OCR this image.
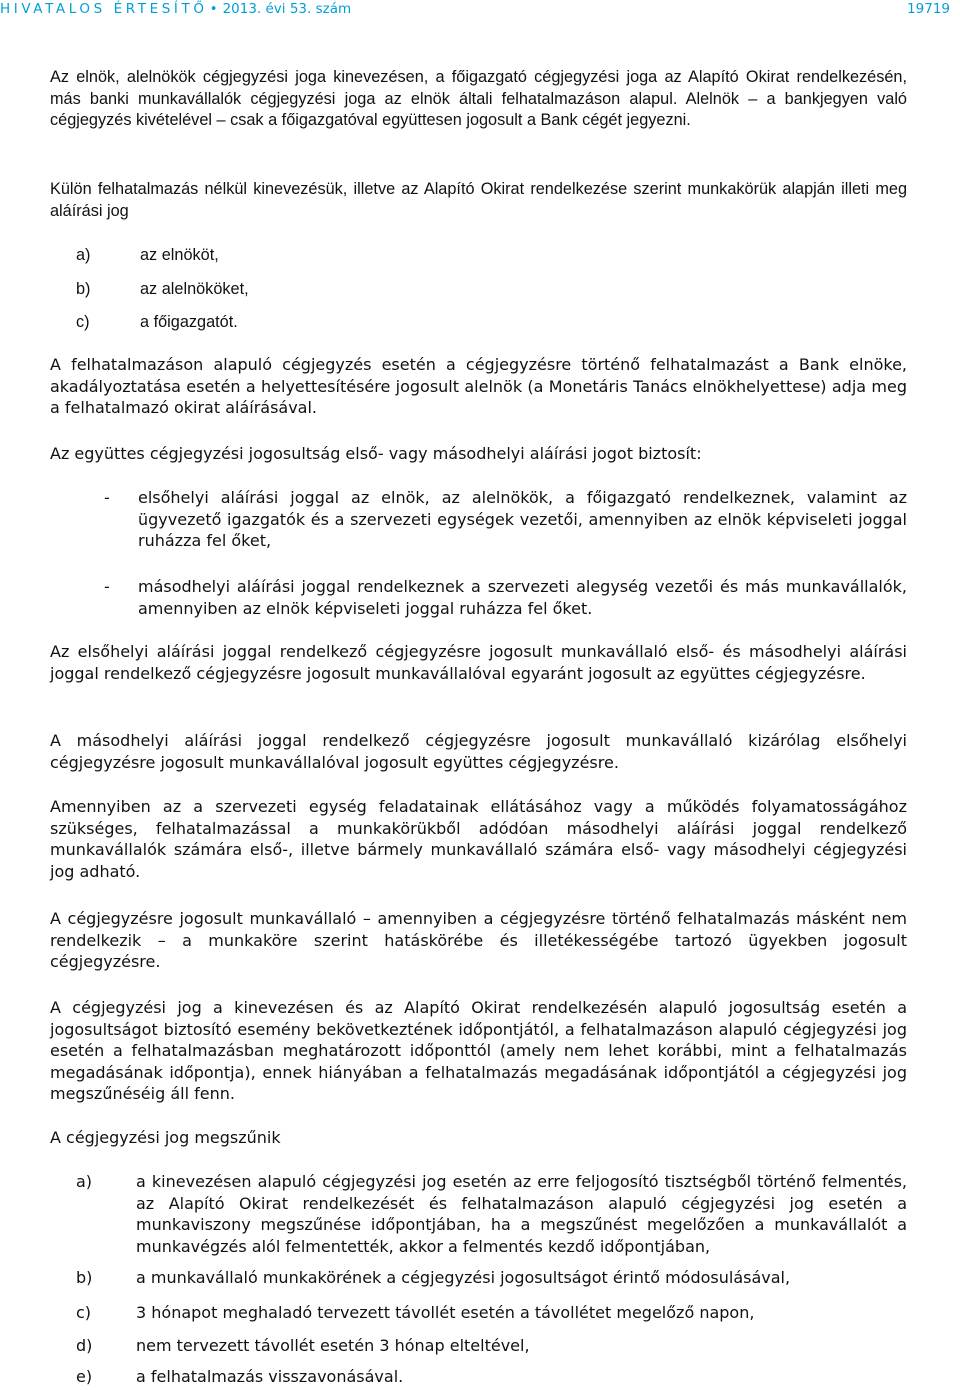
HIVATALOS ÉRTESÍTŐ • 2013. évi 53. szám	19719

Az elnök, alelnökök cégjegyzési joga kinevezésen, a főigazgató cégjegyzési joga az Alapító Okirat rendelkezésén, más banki munkavállalók cégjegyzési joga az elnök általi felhatalmazáson alapul. Alelnök – a bankjegyen való cégjegyzés kivételével – csak a főigazgatóval együttesen jogosult a Bank cégét jegyezni.

Külön felhatalmazás nélkül kinevezésük, illetve az Alapító Okirat rendelkezése szerint munkakörük alapján illeti meg aláírási jog

a)	az elnököt,
b)	az alelnököket,
c)	a főigazgatót.

A felhatalmazáson alapuló cégjegyzés esetén a cégjegyzésre történő felhatalmazást a Bank elnöke, akadályoztatása esetén a helyettesítésére jogosult alelnök (a Monetáris Tanács elnökhelyettese) adja meg a felhatalmazó okirat aláírásával.

Az együttes cégjegyzési jogosultság első- vagy másodhelyi aláírási jogot biztosít:

- elsőhelyi aláírási joggal az elnök, az alelnökök, a főigazgató rendelkeznek, valamint az ügyvezető igazgatók és a szervezeti egységek vezetői, amennyiben az elnök képviseleti joggal ruházza fel őket,
- másodhelyi aláírási joggal rendelkeznek a szervezeti alegység vezetői és más munkavállalók, amennyiben az elnök képviseleti joggal ruházza fel őket.

Az elsőhelyi aláírási joggal rendelkező cégjegyzésre jogosult munkavállaló első- és másodhelyi aláírási joggal rendelkező cégjegyzésre jogosult munkavállalóval egyaránt jogosult az együttes cégjegyzésre.

A másodhelyi aláírási joggal rendelkező cégjegyzésre jogosult munkavállaló kizárólag elsőhelyi cégjegyzésre jogosult munkavállalóval jogosult együttes cégjegyzésre.

Amennyiben az a szervezeti egység feladatainak ellátásához vagy a működés folyamatosságához szükséges, felhatalmazással a munkakörükből adódóan másodhelyi aláírási joggal rendelkező munkavállalók számára első-, illetve bármely munkavállaló számára első- vagy másodhelyi cégjegyzési jog adható.

A cégjegyzésre jogosult munkavállaló – amennyiben a cégjegyzésre történő felhatalmazás másként nem rendelkezik – a munkaköre szerint hatáskörébe és illetékességébe tartozó ügyekben jogosult cégjegyzésre.

A cégjegyzési jog a kinevezésen és az Alapító Okirat rendelkezésén alapuló jogosultság esetén a jogosultságot biztosító esemény bekövetkeztének időpontjától, a felhatalmazáson alapuló cégjegyzési jog esetén a felhatalmazásban meghatározott időponttól (amely nem lehet korábbi, mint a felhatalmazás megadásának időpontja), ennek hiányában a felhatalmazás megadásának időpontjától a cégjegyzési jog megszűnéséig áll fenn.

A cégjegyzési jog megszűnik

a)	a kinevezésen alapuló cégjegyzési jog esetén az erre feljogosító tisztségből történő felmentés, az Alapító Okirat rendelkezését és felhatalmazáson alapuló cégjegyzési jog esetén a munkaviszony megszűnése időpontjában, ha a megszűnést megelőzően a munkavállalót a munkavégzés alól felmentették, akkor a felmentés kezdő időpontjában,
b)	a munkavállaló munkakörének a cégjegyzési jogosultságot érintő módosulásával,
c)	3 hónapot meghaladó tervezett távollét esetén a távollétet megelőző napon,
d)	nem tervezett távollét esetén 3 hónap elteltével,
e)	a felhatalmazás visszavonásával.
